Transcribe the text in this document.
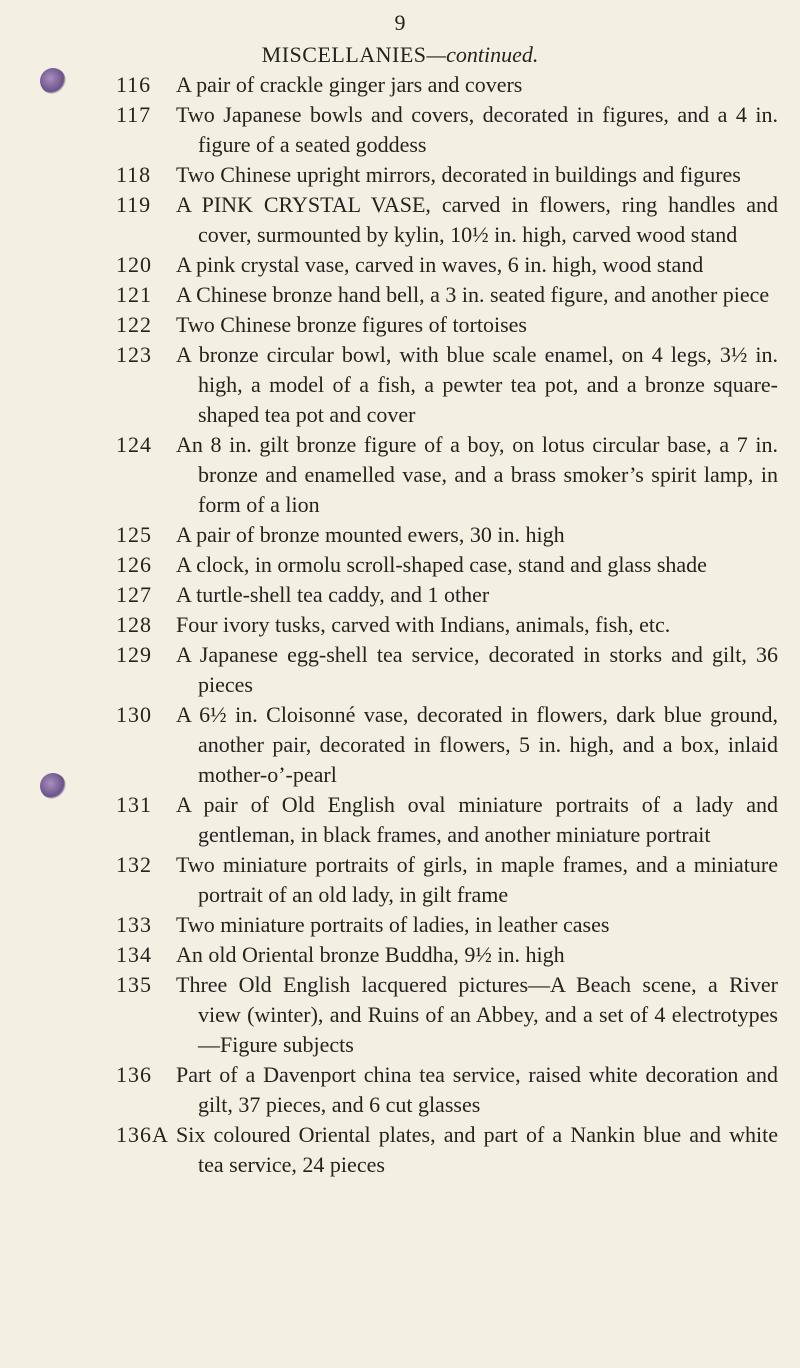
9
MISCELLANIES—continued.
116	A pair of crackle ginger jars and covers
117	Two Japanese bowls and covers, decorated in figures, and a 4 in. figure of a seated goddess
118	Two Chinese upright mirrors, decorated in buildings and figures
119	A PINK CRYSTAL VASE, carved in flowers, ring handles and cover, surmounted by kylin, 10½ in. high, carved wood stand
120	A pink crystal vase, carved in waves, 6 in. high, wood stand
121	A Chinese bronze hand bell, a 3 in. seated figure, and another piece
122	Two Chinese bronze figures of tortoises
123	A bronze circular bowl, with blue scale enamel, on 4 legs, 3½ in. high, a model of a fish, a pewter tea pot, and a bronze square-shaped tea pot and cover
124	An 8 in. gilt bronze figure of a boy, on lotus circular base, a 7 in. bronze and enamelled vase, and a brass smoker’s spirit lamp, in form of a lion
125	A pair of bronze mounted ewers, 30 in. high
126	A clock, in ormolu scroll-shaped case, stand and glass shade
127	A turtle-shell tea caddy, and 1 other
128	Four ivory tusks, carved with Indians, animals, fish, etc.
129	A Japanese egg-shell tea service, decorated in storks and gilt, 36 pieces
130	A 6½ in. Cloisonné vase, decorated in flowers, dark blue ground, another pair, decorated in flowers, 5 in. high, and a box, inlaid mother-o’-pearl
131	A pair of Old English oval miniature portraits of a lady and gentleman, in black frames, and another miniature portrait
132	Two miniature portraits of girls, in maple frames, and a miniature portrait of an old lady, in gilt frame
133	Two miniature portraits of ladies, in leather cases
134	An old Oriental bronze Buddha, 9½ in. high
135	Three Old English lacquered pictures—A Beach scene, a River view (winter), and Ruins of an Abbey, and a set of 4 electrotypes—Figure subjects
136	Part of a Davenport china tea service, raised white decoration and gilt, 37 pieces, and 6 cut glasses
136A Six coloured Oriental plates, and part of a Nankin blue and white tea service, 24 pieces
